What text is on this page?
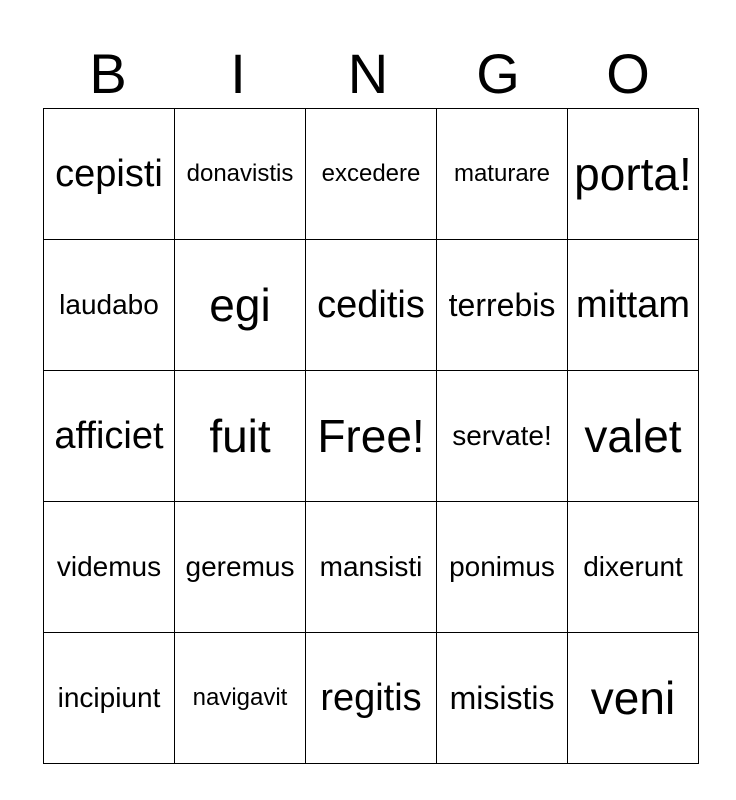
B	I	N	G	O
cepisti	donavistis	excedere	maturare	porta!
laudabo	egi	ceditis	terrebis	mittam
afficiet	fuit	Free!	servate!	valet
videmus	geremus	mansisti	ponimus	dixerunt
incipiunt	navigavit	regitis	misistis	veni
